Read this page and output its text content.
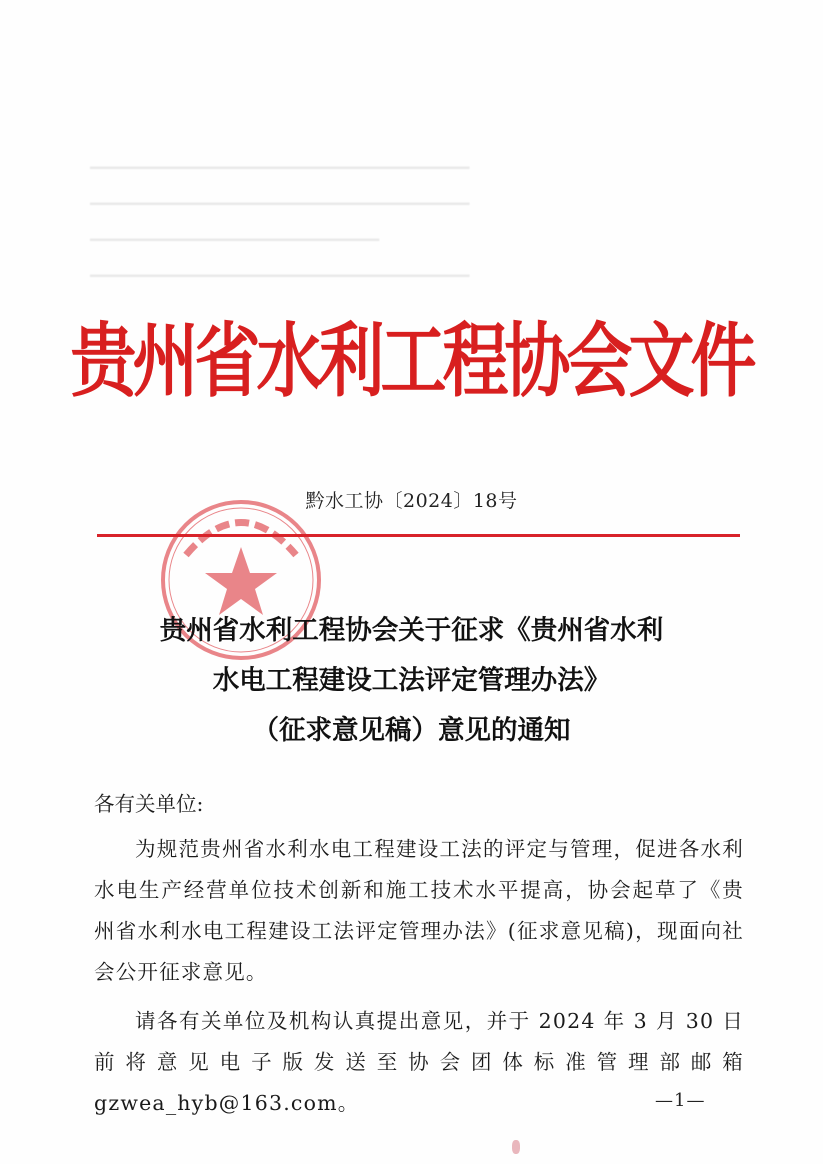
━━━━━━━━━━━━━━━━━━━━━━━━━━━━━━━━━━━━━━━━━━
━━━━━━━━━━━━━━━━━━━━━━━━━━━━━━━━━━━━━━━━━━
━━━━━━━━━━━━━━━━━━━━━━━━━━━━━━━━
━━━━━━━━━━━━━━━━━━━━━━━━━━━━━━━━━━━━━━━━━━
贵州省水利工程协会文件
黔水工协〔2024〕18号
贵州省水利工程协会关于征求《贵州省水利
水电工程建设工法评定管理办法》
（征求意见稿）意见的通知

各有关单位:

为规范贵州省水利水电工程建设工法的评定与管理，促进各水利水电生产经营单位技术创新和施工技术水平提高，协会起草了《贵州省水利水电工程建设工法评定管理办法》(征求意见稿)，现面向社会公开征求意见。

请各有关单位及机构认真提出意见，并于 2024 年 3 月 30 日前将意见电子版发送至协会团体标准管理部邮箱 gzwea_hyb@163.com。	—1—
